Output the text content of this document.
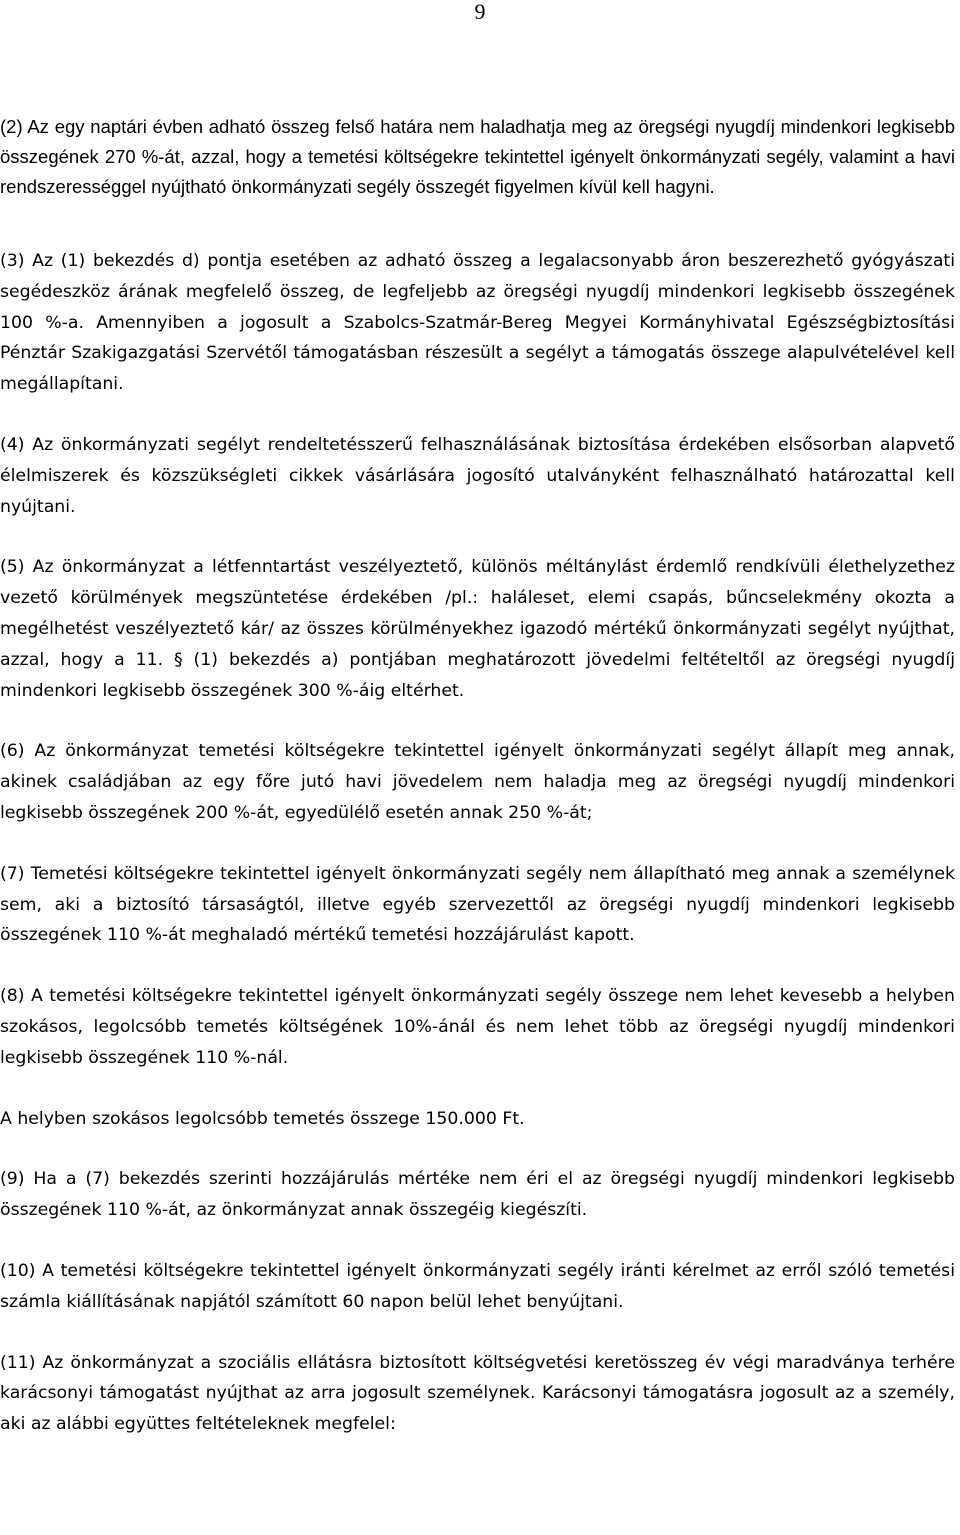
9

(2) Az egy naptári évben adható összeg felső határa nem haladhatja meg az öregségi nyugdíj mindenkori legkisebb összegének 270 %-át, azzal, hogy a temetési költségekre tekintettel igényelt önkormányzati segély, valamint a havi rendszerességgel nyújtható önkormányzati segély összegét figyelmen kívül kell hagyni.

(3) Az (1) bekezdés d) pontja esetében az adható összeg a legalacsonyabb áron beszerezhető gyógyászati segédeszköz árának megfelelő összeg, de legfeljebb az öregségi nyugdíj mindenkori legkisebb összegének 100 %-a. Amennyiben a jogosult a Szabolcs-Szatmár-Bereg Megyei Kormányhivatal Egészségbiztosítási Pénztár Szakigazgatási Szervétől támogatásban részesült a segélyt a támogatás összege alapulvételével kell megállapítani.

(4) Az önkormányzati segélyt rendeltetésszerű felhasználásának biztosítása érdekében elsősorban alapvető élelmiszerek és közszükségleti cikkek vásárlására jogosító utalványként felhasználható határozattal kell nyújtani.

(5) Az önkormányzat a létfenntartást veszélyeztető, különös méltánylást érdemlő rendkívüli élethelyzethez vezető körülmények megszüntetése érdekében /pl.: haláleset, elemi csapás, bűncselekmény okozta a megélhetést veszélyeztető kár/ az összes körülményekhez igazodó mértékű önkormányzati segélyt nyújthat, azzal, hogy a 11. § (1) bekezdés a) pontjában meghatározott jövedelmi feltételtől az öregségi nyugdíj mindenkori legkisebb összegének 300 %-áig eltérhet.

(6) Az önkormányzat temetési költségekre tekintettel igényelt önkormányzati segélyt állapít meg annak, akinek családjában az egy főre jutó havi jövedelem nem haladja meg az öregségi nyugdíj mindenkori legkisebb összegének 200 %-át, egyedülélő esetén annak 250 %-át;

(7) Temetési költségekre tekintettel igényelt önkormányzati segély nem állapítható meg annak a személynek sem, aki a biztosító társaságtól, illetve egyéb szervezettől az öregségi nyugdíj mindenkori legkisebb összegének 110 %-át meghaladó mértékű temetési hozzájárulást kapott.

(8) A temetési költségekre tekintettel igényelt önkormányzati segély összege nem lehet kevesebb a helyben szokásos, legolcsóbb temetés költségének 10%-ánál és nem lehet több az öregségi nyugdíj mindenkori legkisebb összegének 110 %-nál.

A helyben szokásos legolcsóbb temetés összege 150.000 Ft.

(9) Ha a (7) bekezdés szerinti hozzájárulás mértéke nem éri el az öregségi nyugdíj mindenkori legkisebb összegének 110 %-át, az önkormányzat annak összegéig kiegészíti.

(10) A temetési költségekre tekintettel igényelt önkormányzati segély iránti kérelmet az erről szóló temetési számla kiállításának napjától számított 60 napon belül lehet benyújtani.

(11) Az önkormányzat a szociális ellátásra biztosított költségvetési keretösszeg év végi maradványa terhére karácsonyi támogatást nyújthat az arra jogosult személynek. Karácsonyi támogatásra jogosult az a személy, aki az alábbi együttes feltételeknek megfelel:
